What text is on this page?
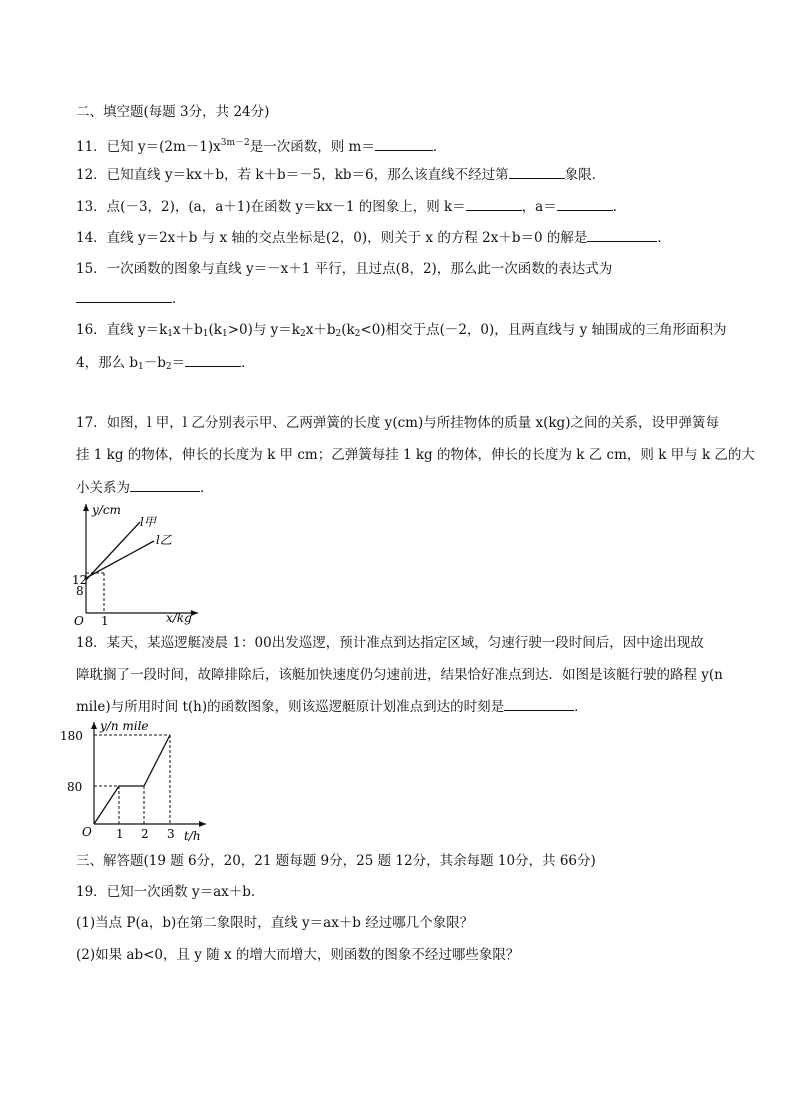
二、填空题(每题 3分，共 24分)
11．已知 $y=(2m-1)x^{3m-2}$是一次函数，则 m＝	．
12．已知直线 y＝kx＋b，若 k＋b＝－5，kb＝6，那么该直线不经过第	象限．
13．点(－3，2)，(a，a＋1)在函数 y＝kx－1 的图象上，则 k＝	，a＝	．
14．直线 y＝2x＋b 与 x 轴的交点坐标是(2，0)，则关于 x 的方程 2x＋b＝0 的解是	．
15．一次函数的图象与直线 y＝－x＋1 平行，且过点(8，2)，那么此一次函数的表达式为
．
16．直线 $y=k_1x+b_1(k_1>0)$与 $y=k_2x+b_2(k_2<0)$相交于点(－2，0)，且两直线与 y 轴围成的三角形面积为
4，那么 $b_1-b_2=$	．
17．如图，l 甲，l 乙分别表示甲、乙两弹簧的长度 y(cm)与所挂物体的质量 x(kg)之间的关系，设甲弹簧每
挂 1 kg 的物体，伸长的长度为 k 甲 cm；乙弹簧每挂 1 kg 的物体，伸长的长度为 k 乙 cm，则 k 甲与 k 乙的大
小关系为	．
y/cm
x/kg
l甲
l乙
12
8
1
O
18．某天，某巡逻艇凌晨 1：00出发巡逻，预计准点到达指定区域，匀速行驶一段时间后，因中途出现故
障耽搁了一段时间，故障排除后，该艇加快速度仍匀速前进，结果恰好准点到达．如图是该艇行驶的路程 y(n
mile)与所用时间 t(h)的函数图象，则该巡逻艇原计划准点到达的时刻是	．
y/n mile
t/h
180
80
1 2 3
O
三、解答题(19 题 6分，20，21 题每题 9分，25 题 12分，其余每题 10分，共 66分)
19．已知一次函数 y＝ax＋b.
(1)当点 P(a，b)在第二象限时，直线 y＝ax＋b 经过哪几个象限？
(2)如果 ab<0，且 y 随 x 的增大而增大，则函数的图象不经过哪些象限？
